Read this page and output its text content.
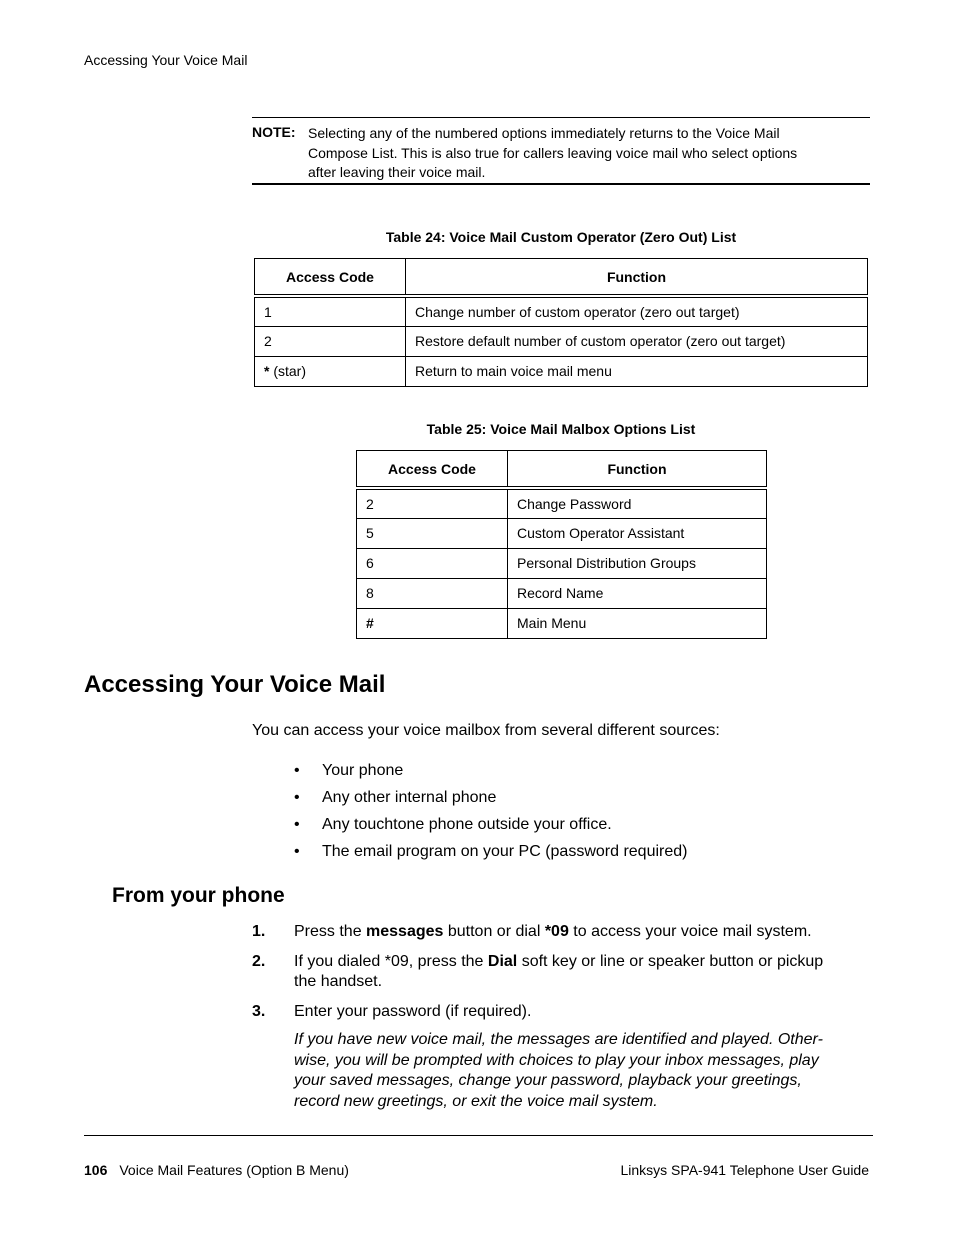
Accessing Your Voice Mail
NOTE: Selecting any of the numbered options immediately returns to the Voice Mail
Compose List. This is also true for callers leaving voice mail who select options
after leaving their voice mail.
Table 24: Voice Mail Custom Operator (Zero Out) List
Access Code	Function
1	Change number of custom operator (zero out target)
2	Restore default number of custom operator (zero out target)
* (star)	Return to main voice mail menu
Table 25: Voice Mail Malbox Options List
Access Code	Function
2	Change Password
5	Custom Operator Assistant
6	Personal Distribution Groups
8	Record Name
#	Main Menu
Accessing Your Voice Mail
You can access your voice mailbox from several different sources:
• Your phone
• Any other internal phone
• Any touchtone phone outside your office.
• The email program on your PC (password required)
From your phone
1. Press the messages button or dial *09 to access your voice mail system.
2. If you dialed *09, press the Dial soft key or line or speaker button or pickup
the handset.
3. Enter your password (if required).
If you have new voice mail, the messages are identified and played. Other-
wise, you will be prompted with choices to play your inbox messages, play
your saved messages, change your password, playback your greetings,
record new greetings, or exit the voice mail system.
106 Voice Mail Features (Option B Menu)	Linksys SPA-941 Telephone User Guide
